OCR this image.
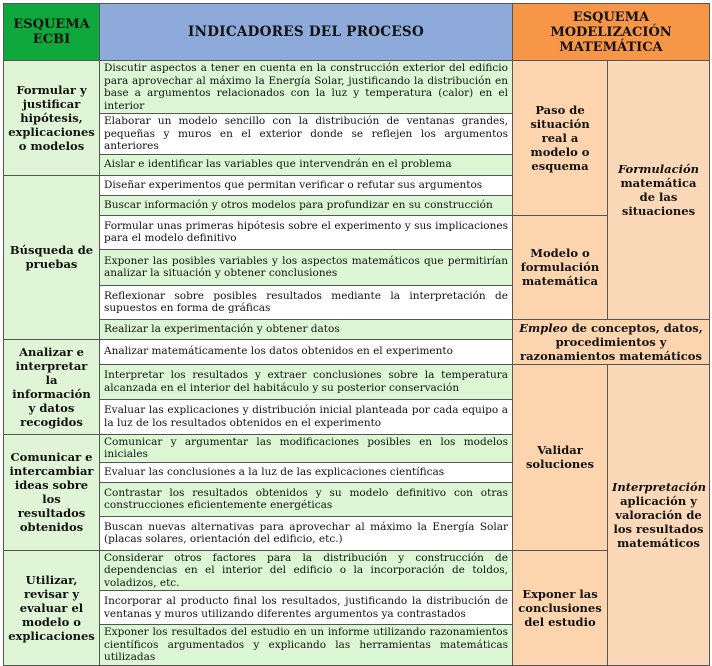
ESQUEMA ECBI	INDICADORES DEL PROCESO	ESQUEMA MODELIZACIÓN MATEMÁTICA	
Formular y justificar hipótesis, explicaciones o modelos	Discutir aspectos a tener en cuenta en la construcción exterior del edificio para aprovechar al máximo la Energía Solar, justificando la distribución en base a argumentos relacionados con la luz y temperatura (calor) en el interior	Paso de situación real a modelo o esquema	Formulación
matemática de las situaciones
	Elaborar un modelo sencillo con la distribución de ventanas grandes, pequeñas y muros en el exterior donde se reflejen los argumentos anteriores		
	Aislar e identificar las variables que intervendrán en el problema		
Búsqueda de pruebas	Diseñar experimentos que permitan verificar o refutar sus argumentos		
	Buscar información y otros modelos para profundizar en su construcción		
	Formular unas primeras hipótesis sobre el experimento y sus implicaciones para el modelo definitivo	Modelo o formulación matemática	
	Exponer las posibles variables y los aspectos matemáticos que permitirían analizar la situación y obtener conclusiones		
	Reflexionar sobre posibles resultados mediante la interpretación de supuestos en forma de gráficas		
	Realizar la experimentación y obtener datos	Empleo de conceptos, datos, procedimientos y razonamientos matemáticos	
Analizar e interpretar la información y datos recogidos	Analizar matemáticamente los datos obtenidos en el experimento		
	Interpretar los resultados y extraer conclusiones sobre la temperatura alcanzada en el interior del habitáculo y su posterior conservación	Validar soluciones	Interpretación
aplicación y valoración de los resultados matemáticos
	Evaluar las explicaciones y distribución inicial planteada por cada equipo a la luz de los resultados obtenidos en el experimento		
Comunicar e intercambiar ideas sobre los resultados obtenidos	Comunicar y argumentar las modificaciones posibles en los modelos iniciales		
	Evaluar las conclusiones a la luz de las explicaciones científicas		
	Contrastar los resultados obtenidos y su modelo definitivo con otras construcciones eficientemente energéticas		
	Buscan nuevas alternativas para aprovechar al máximo la Energía Solar (placas solares, orientación del edificio, etc.)		
Utilizar, revisar y evaluar el modelo o explicaciones	Considerar otros factores para la distribución y construcción de dependencias en el interior del edificio o la incorporación de toldos, voladizos, etc.	Exponer las conclusiones del estudio	
	Incorporar al producto final los resultados, justificando la distribución de ventanas y muros utilizando diferentes argumentos ya contrastados		
	Exponer los resultados del estudio en un informe utilizando razonamientos científicos argumentados y explicando las herramientas matemáticas utilizadas		
